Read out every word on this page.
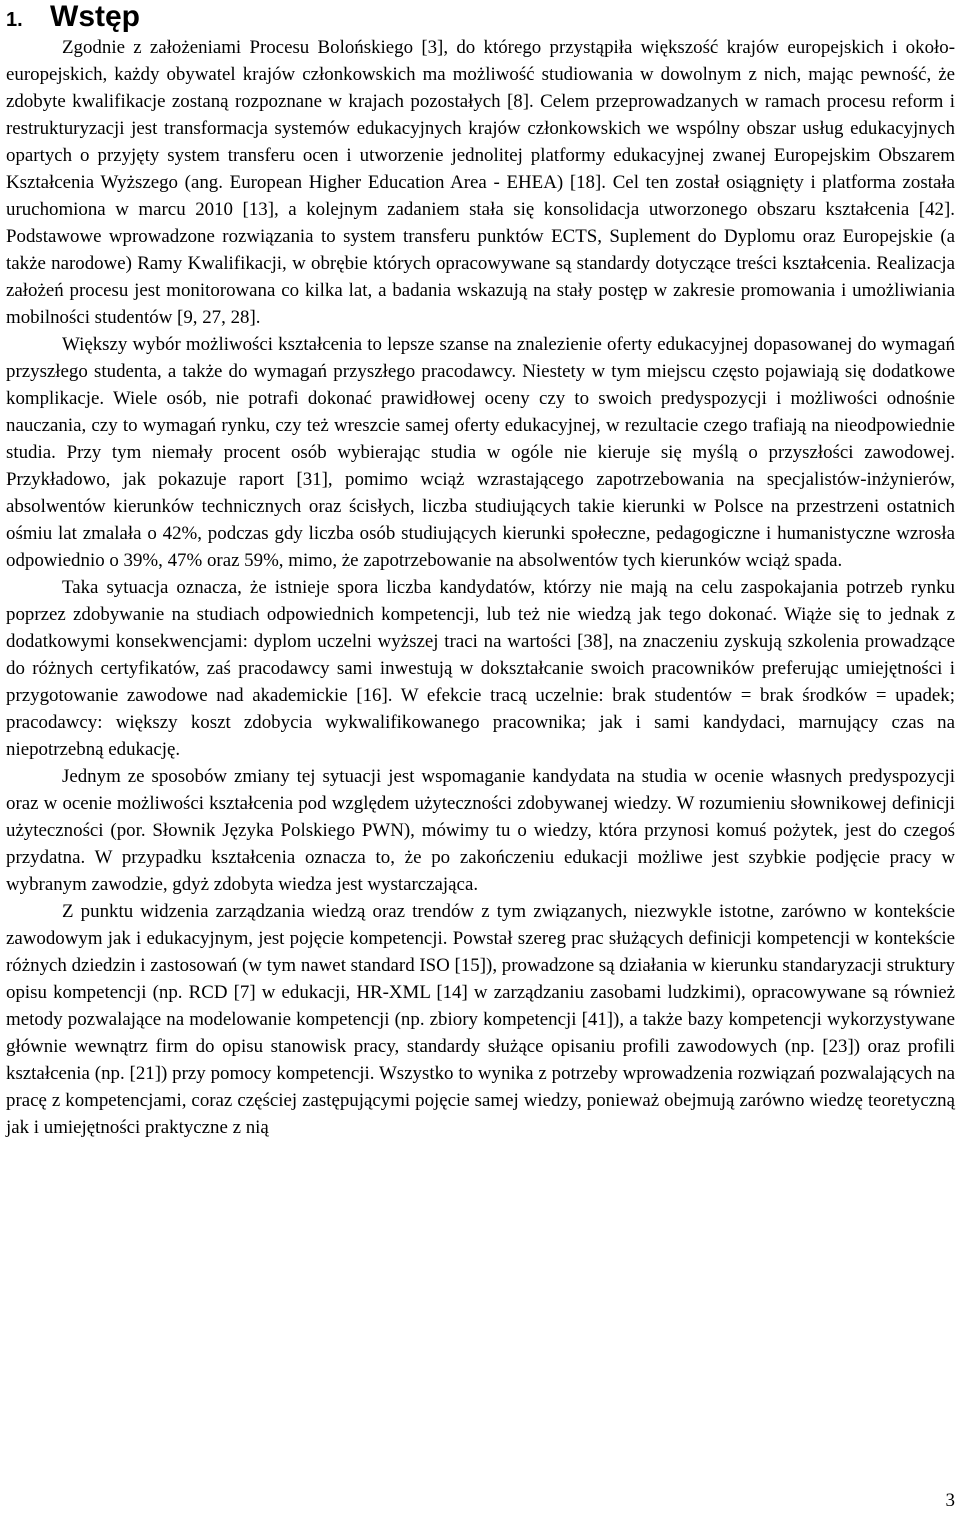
1. Wstęp

Zgodnie z założeniami Procesu Bolońskiego [3], do którego przystąpiła większość krajów europejskich i około-europejskich, każdy obywatel krajów członkowskich ma możliwość studiowania w dowolnym z nich, mając pewność, że zdobyte kwalifikacje zostaną rozpoznane w krajach pozostałych [8]. Celem przeprowadzanych w ramach procesu reform i restrukturyzacji jest transformacja systemów edukacyjnych krajów członkowskich we wspólny obszar usług edukacyjnych opartych o przyjęty system transferu ocen i utworzenie jednolitej platformy edukacyjnej zwanej Europejskim Obszarem Kształcenia Wyższego (ang. European Higher Education Area - EHEA) [18]. Cel ten został osiągnięty i platforma została uruchomiona w marcu 2010 [13], a kolejnym zadaniem stała się konsolidacja utworzonego obszaru kształcenia [42]. Podstawowe wprowadzone rozwiązania to system transferu punktów ECTS, Suplement do Dyplomu oraz Europejskie (a także narodowe) Ramy Kwalifikacji, w obrębie których opracowywane są standardy dotyczące treści kształcenia. Realizacja założeń procesu jest monitorowana co kilka lat, a badania wskazują na stały postęp w zakresie promowania i umożliwiania mobilności studentów [9, 27, 28].

Większy wybór możliwości kształcenia to lepsze szanse na znalezienie oferty edukacyjnej dopasowanej do wymagań przyszłego studenta, a także do wymagań przyszłego pracodawcy. Niestety w tym miejscu często pojawiają się dodatkowe komplikacje. Wiele osób, nie potrafi dokonać prawidłowej oceny czy to swoich predyspozycji i możliwości odnośnie nauczania, czy to wymagań rynku, czy też wreszcie samej oferty edukacyjnej, w rezultacie czego trafiają na nieodpowiednie studia. Przy tym niemały procent osób wybierając studia w ogóle nie kieruje się myślą o przyszłości zawodowej. Przykładowo, jak pokazuje raport [31], pomimo wciąż wzrastającego zapotrzebowania na specjalistów-inżynierów, absolwentów kierunków technicznych oraz ścisłych, liczba studiujących takie kierunki w Polsce na przestrzeni ostatnich ośmiu lat zmalała o 42%, podczas gdy liczba osób studiujących kierunki społeczne, pedagogiczne i humanistyczne wzrosła odpowiednio o 39%, 47% oraz 59%, mimo, że zapotrzebowanie na absolwentów tych kierunków wciąż spada.

Taka sytuacja oznacza, że istnieje spora liczba kandydatów, którzy nie mają na celu zaspokajania potrzeb rynku poprzez zdobywanie na studiach odpowiednich kompetencji, lub też nie wiedzą jak tego dokonać. Wiąże się to jednak z dodatkowymi konsekwencjami: dyplom uczelni wyższej traci na wartości [38], na znaczeniu zyskują szkolenia prowadzące do różnych certyfikatów, zaś pracodawcy sami inwestują w dokształcanie swoich pracowników preferując umiejętności i przygotowanie zawodowe nad akademickie [16]. W efekcie tracą uczelnie: brak studentów = brak środków = upadek; pracodawcy: większy koszt zdobycia wykwalifikowanego pracownika; jak i sami kandydaci, marnujący czas na niepotrzebną edukację.

Jednym ze sposobów zmiany tej sytuacji jest wspomaganie kandydata na studia w ocenie własnych predyspozycji oraz w ocenie możliwości kształcenia pod względem użyteczności zdobywanej wiedzy. W rozumieniu słownikowej definicji użyteczności (por. Słownik Języka Polskiego PWN), mówimy tu o wiedzy, która przynosi komuś pożytek, jest do czegoś przydatna. W przypadku kształcenia oznacza to, że po zakończeniu edukacji możliwe jest szybkie podjęcie pracy w wybranym zawodzie, gdyż zdobyta wiedza jest wystarczająca.

Z punktu widzenia zarządzania wiedzą oraz trendów z tym związanych, niezwykle istotne, zarówno w kontekście zawodowym jak i edukacyjnym, jest pojęcie kompetencji. Powstał szereg prac służących definicji kompetencji w kontekście różnych dziedzin i zastosowań (w tym nawet standard ISO [15]), prowadzone są działania w kierunku standaryzacji struktury opisu kompetencji (np. RCD [7] w edukacji, HR-XML [14] w zarządzaniu zasobami ludzkimi), opracowywane są również metody pozwalające na modelowanie kompetencji (np. zbiory kompetencji [41]), a także bazy kompetencji wykorzystywane głównie wewnątrz firm do opisu stanowisk pracy, standardy służące opisaniu profili zawodowych (np. [23]) oraz profili kształcenia (np. [21]) przy pomocy kompetencji. Wszystko to wynika z potrzeby wprowadzenia rozwiązań pozwalających na pracę z kompetencjami, coraz częściej zastępującymi pojęcie samej wiedzy, ponieważ obejmują zarówno wiedzę teoretyczną jak i umiejętności praktyczne z nią

3
